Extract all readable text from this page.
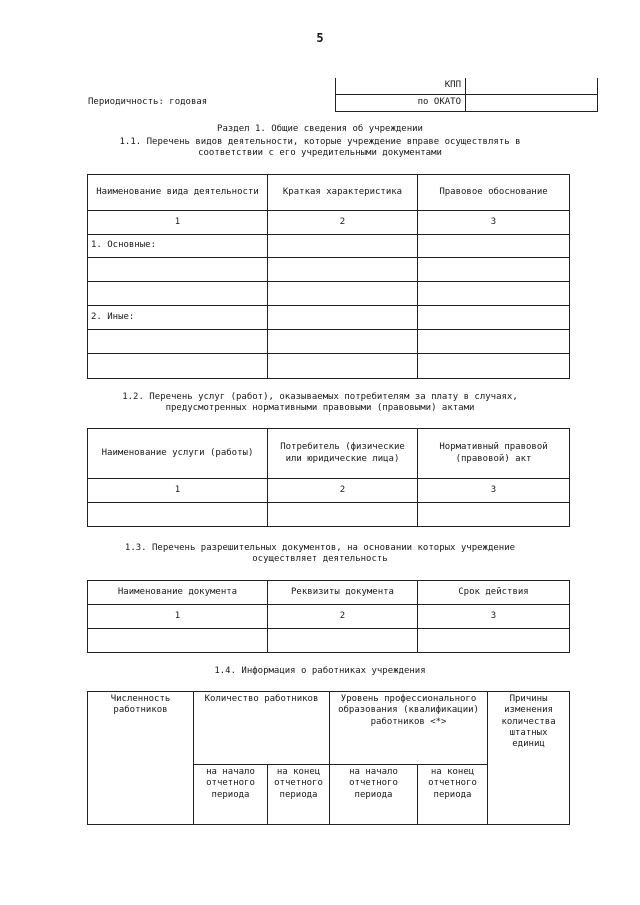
5
КПП	
по ОКАТО	
Периодичность: годовая
Раздел 1. Общие сведения об учреждении
1.1. Перечень видов деятельности, которые учреждение вправе осуществлять в
соответствии с его учредительными документами
Наименование вида деятельности	Краткая характеристика	Правовое обоснование
1	2	3
1. Основные:		

2. Иные:		

1.2. Перечень услуг (работ), оказываемых потребителям за плату в случаях,
предусмотренных нормативными правовыми (правовыми) актами
Наименование услуги (работы)	Потребитель (физические или юридические лица)	Нормативный правовой (правовой) акт
1	2	3

1.3. Перечень разрешительных документов, на основании которых учреждение
осуществляет деятельность
Наименование документа	Реквизиты документа	Срок действия
1	2	3

1.4. Информация о работниках учреждения
Численность работников	Количество работников		Уровень профессионального образования (квалификации) работников <*>		Причины изменения количества штатных единиц
	на начало отчетного периода	на конец отчетного периода	на начало отчетного периода	на конец отчетного периода	
